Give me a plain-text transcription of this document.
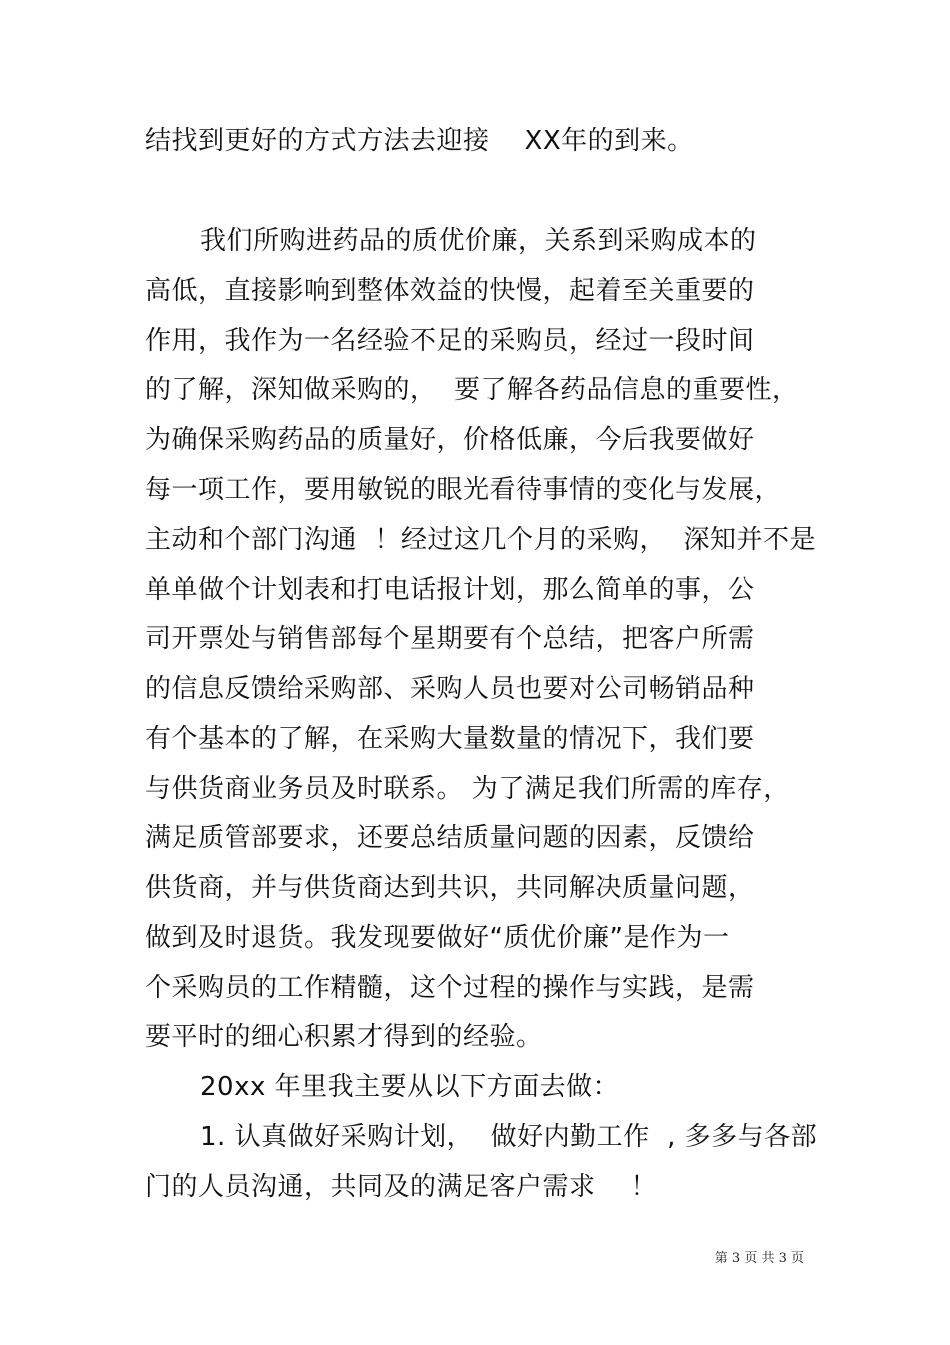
结找到更好的方式方法去迎接    XX年的到来。
我们所购进药品的质优价廉，关系到采购成本的
高低，直接影响到整体效益的快慢，起着至关重要的
作用，我作为一名经验不足的采购员，经过一段时间
的了解，深知做采购的，  要了解各药品信息的重要性，
为确保采购药品的质量好，价格低廉，今后我要做好
每一项工作，要用敏锐的眼光看待事情的变化与发展，
主动和个部门沟通  ！经过这几个月的采购，  深知并不是
单单做个计划表和打电话报计划，那么简单的事，公
司开票处与销售部每个星期要有个总结，把客户所需
的信息反馈给采购部、采购人员也要对公司畅销品种
有个基本的了解，在采购大量数量的情况下，我们要
与供货商业务员及时联系。 为了满足我们所需的库存，
满足质管部要求，还要总结质量问题的因素，反馈给
供货商，并与供货商达到共识，共同解决质量问题，
做到及时退货。我发现要做好“质优价廉”是作为一
个采购员的工作精髓，这个过程的操作与实践，是需
要平时的细心积累才得到的经验。
20xx 年里我主要从以下方面去做：
1. 认真做好采购计划，  做好内勤工作  , 多多与各部
门的人员沟通，共同及的满足客户需求    ！
第 3 页 共 3 页
